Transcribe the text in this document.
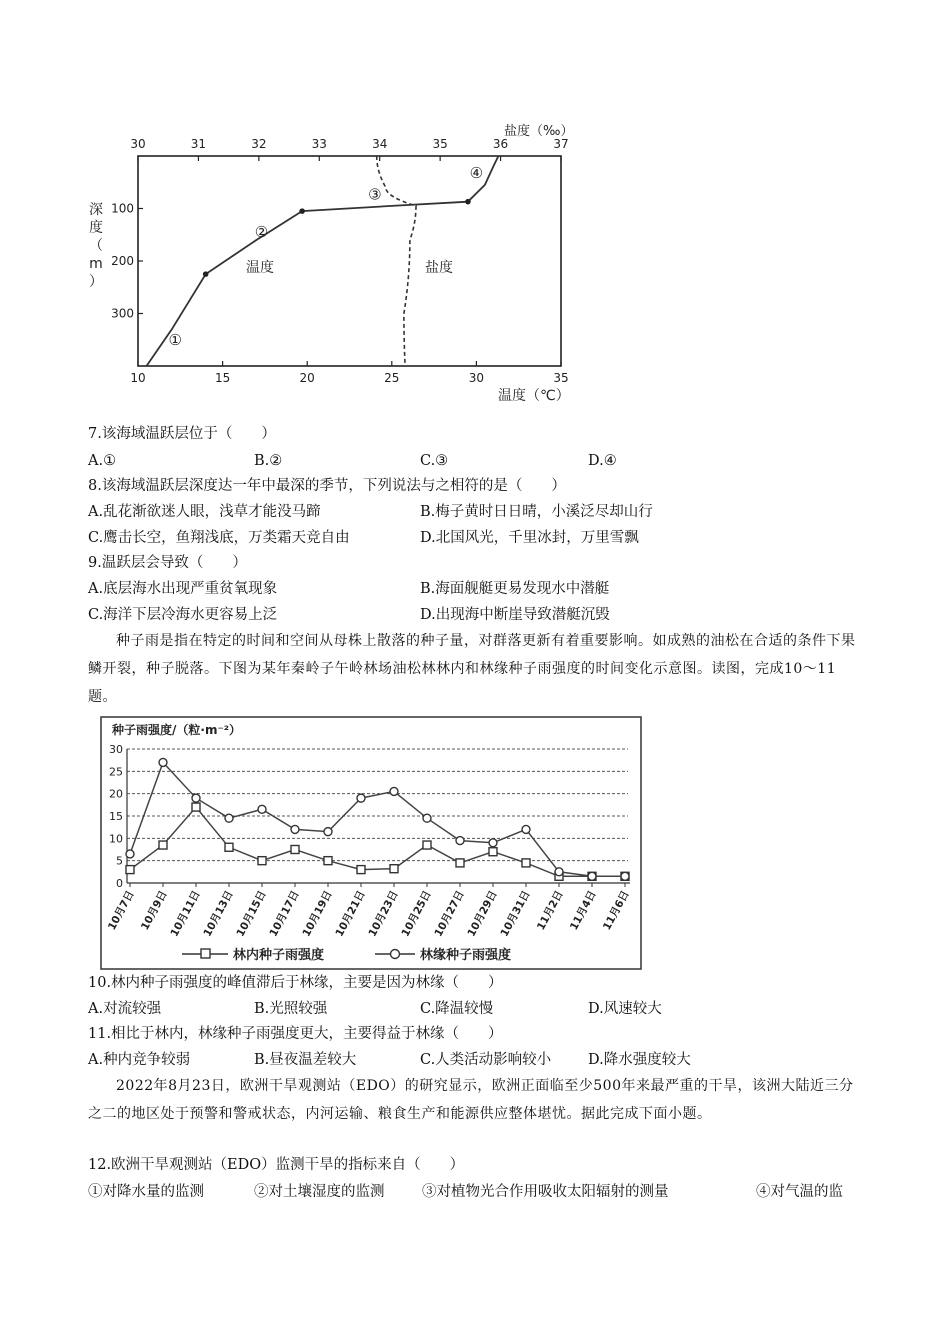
30	31	32	33	34	35	36	37
10	15	20	25	30	35
100
200
300
盐度（‰）
温度（℃）
深
度
（
m
）
①
②
③
④
温度	盐度
7.该海域温跃层位于（　　）
A.①	B.②	C.③	D.④
8.该海域温跃层深度达一年中最深的季节，下列说法与之相符的是（　　）
A.乱花渐欲迷人眼，浅草才能没马蹄	B.梅子黄时日日晴，小溪泛尽却山行
C.鹰击长空，鱼翔浅底，万类霜天竞自由	D.北国风光，千里冰封，万里雪飘
9.温跃层会导致（　　）
A.底层海水出现严重贫氧现象	B.海面舰艇更易发现水中潜艇
C.海洋下层冷海水更容易上泛	D.出现海中断崖导致潜艇沉毁
种子雨是指在特定的时间和空间从母株上散落的种子量，对群落更新有着重要影响。如成熟的油松在合适的条件下果鳞开裂，种子脱落。下图为某年秦岭子午岭林场油松林林内和林缘种子雨强度的时间变化示意图。读图，完成10～11题。
种子雨强度/（粒·m⁻²）
0
5
10
15
20
25
30
10月7日 10月9日
10月11日
10月13日
10月15日
10月17日
10月19日
10月21日
10月23日
10月25日
10月27日
10月29日
10月31日 11月2日 11月4日 11月6日
林内种子雨强度	林缘种子雨强度
10.林内种子雨强度的峰值滞后于林缘，主要是因为林缘（　　）
A.对流较强	B.光照较强	C.降温较慢	D.风速较大
11.相比于林内，林缘种子雨强度更大，主要得益于林缘（　　）
A.种内竞争较弱	B.昼夜温差较大	C.人类活动影响较小	D.降水强度较大
2022年8月23日，欧洲干旱观测站（EDO）的研究显示，欧洲正面临至少500年来最严重的干旱，该洲大陆近三分之二的地区处于预警和警戒状态，内河运输、粮食生产和能源供应整体堪忧。据此完成下面小题。
12.欧洲干旱观测站（EDO）监测干旱的指标来自（　　）
①对降水量的监测	②对土壤湿度的监测	③对植物光合作用吸收太阳辐射的测量	④对气温的监
